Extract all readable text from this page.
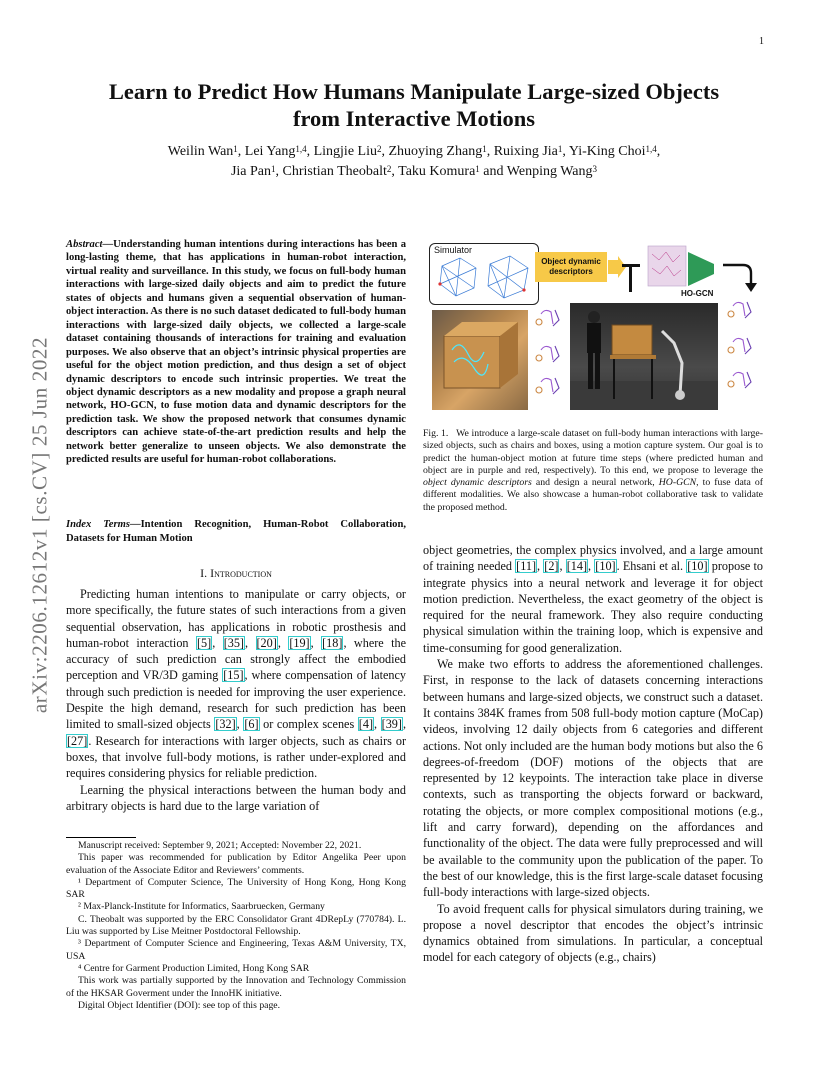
1
arXiv:2206.12612v1 [cs.CV] 25 Jun 2022
Learn to Predict How Humans Manipulate Large-sized Objects
from Interactive Motions
Weilin Wan$^1$, Lei Yang$^{1,4}$, Lingjie Liu$^2$, Zhuoying Zhang$^1$, Ruixing Jia$^1$, Yi-King Choi$^{1,4}$,
Jia Pan$^1$, Christian Theobalt$^2$, Taku Komura$^1$ and Wenping Wang$^3$
Abstract—Understanding human intentions during interactions has been a long-lasting theme, that has applications in human-robot interaction, virtual reality and surveillance. In this study, we focus on full-body human interactions with large-sized daily objects and aim to predict the future states of objects and humans given a sequential observation of human-object interaction. As there is no such dataset dedicated to full-body human interactions with large-sized daily objects, we collected a large-scale dataset containing thousands of interactions for training and evaluation purposes. We also observe that an object’s intrinsic physical properties are useful for the object motion prediction, and thus design a set of object dynamic descriptors to encode such intrinsic properties. We treat the object dynamic descriptors as a new modality and propose a graph neural network, HO-GCN, to fuse motion data and dynamic descriptors for the prediction task. We show the proposed network that consumes dynamic descriptors can achieve state-of-the-art prediction results and help the network better generalize to unseen objects. We also demonstrate the predicted results are useful for human-robot collaborations.
Index Terms—Intention Recognition, Human-Robot Collaboration, Datasets for Human Motion
I. Introduction

Predicting human intentions to manipulate or carry objects, or more specifically, the future states of such interactions from a given sequential observation, has applications in robotic prosthesis and human-robot interaction [5], [35], [20], [19], [18], where the accuracy of such prediction can strongly affect the embodied perception and VR/3D gaming [15], where compensation of latency through such prediction is needed for improving the user experience. Despite the high demand, research for such prediction has been limited to small-sized objects [32], [6] or complex scenes [4], [39], [27]. Research for interactions with larger objects, such as chairs or boxes, that involve full-body motions, is rather under-explored and requires considering physics for reliable prediction.

Learning the physical interactions between the human body and arbitrary objects is hard due to the large variation of

Manuscript received: September 9, 2021; Accepted: November 22, 2021.

This paper was recommended for publication by Editor Angelika Peer upon evaluation of the Associate Editor and Reviewers’ comments.

¹ Department of Computer Science, The University of Hong Kong, Hong Kong SAR

² Max-Planck-Institute for Informatics, Saarbruecken, Germany

C. Theobalt was supported by the ERC Consolidator Grant 4DRepLy (770784). L. Liu was supported by Lise Meitner Postdoctoral Fellowship.

³ Department of Computer Science and Engineering, Texas A&M University, TX, USA

⁴ Centre for Garment Production Limited, Hong Kong SAR

This work was partially supported by the Innovation and Technology Commission of the HKSAR Goverment under the InnoHK initiative.

Digital Object Identifier (DOI): see top of this page.

Simulator
Object dynamic descriptors
HO-GCN
Fig. 1. We introduce a large-scale dataset on full-body human interactions with large-sized objects, such as chairs and boxes, using a motion capture system. Our goal is to predict the human-object motion at future time steps (where predicted human and object are in purple and red, respectively). To this end, we propose to leverage the object dynamic descriptors and design a neural network, HO-GCN, to fuse data of different modalities. We also showcase a human-robot collaborative task to validate the proposed method.

object geometries, the complex physics involved, and a large amount of training needed [11], [2], [14], [10]. Ehsani et al. [10] propose to integrate physics into a neural network and leverage it for object motion prediction. Nevertheless, the exact geometry of the object is required for the neural framework. They also require conducting physical simulation within the training loop, which is expensive and time-consuming for good generalization.

We make two efforts to address the aforementioned challenges. First, in response to the lack of datasets concerning interactions between humans and large-sized objects, we construct such a dataset. It contains 384K frames from 508 full-body motion capture (MoCap) videos, involving 12 daily objects from 6 categories and different actions. Not only included are the human body motions but also the 6 degrees-of-freedom (DOF) motions of the objects that are represented by 12 keypoints. The interaction take place in diverse contexts, such as transporting the objects forward or backward, rotating the objects, or more complex compositional motions (e.g., lift and carry forward), depending on the affordances and functionality of the object. The data were fully preprocessed and will be available to the community upon the publication of the paper. To the best of our knowledge, this is the first large-scale dataset focusing full-body interactions with large-sized objects.

To avoid frequent calls for physical simulators during training, we propose a novel descriptor that encodes the object’s intrinsic dynamics obtained from simulations. In particular, a conceptual model for each category of objects (e.g., chairs)
